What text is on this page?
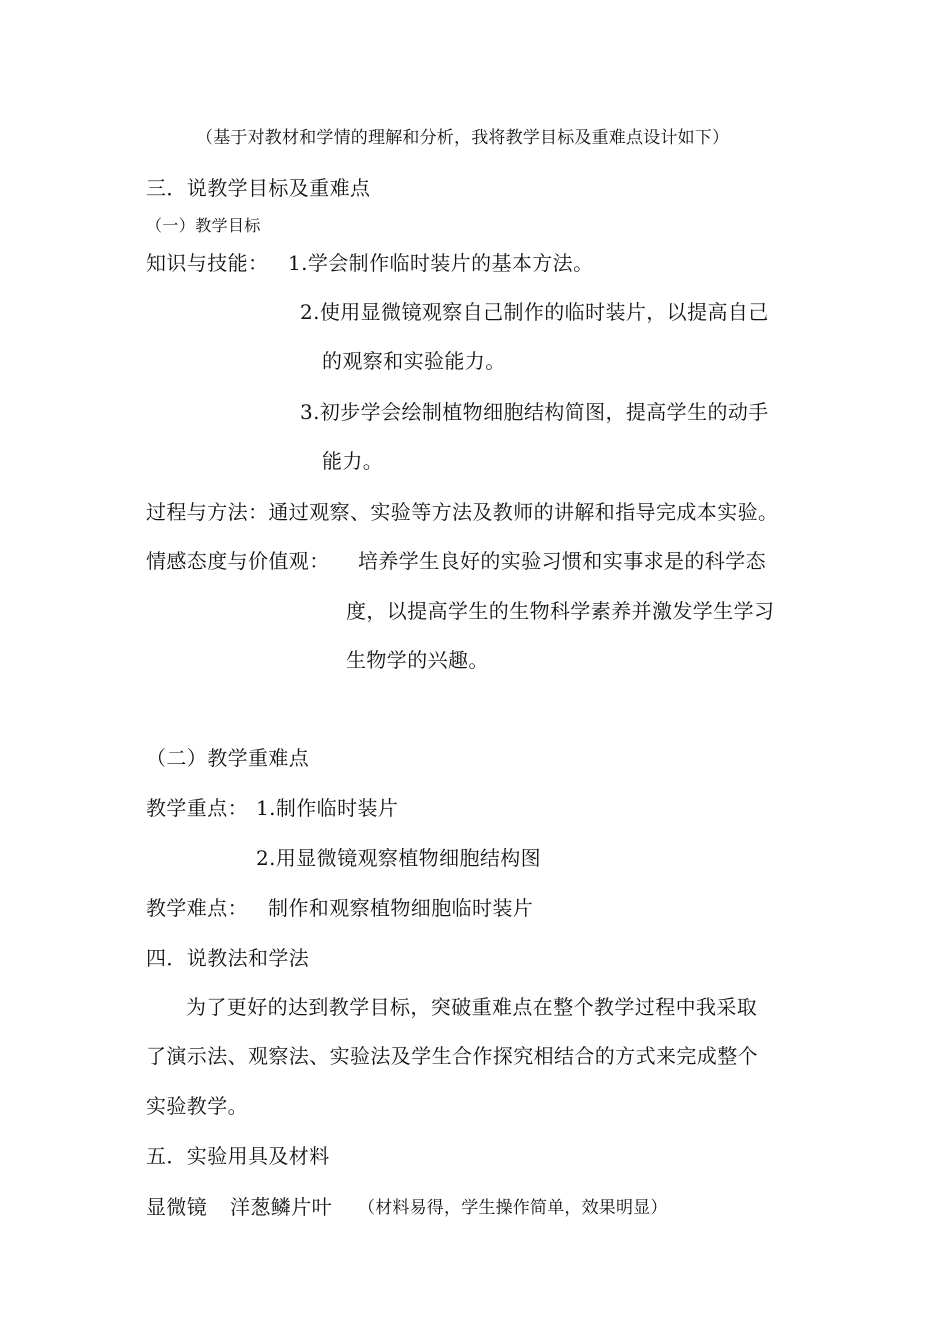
（基于对教材和学情的理解和分析，我将教学目标及重难点设计如下）
三．说教学目标及重难点
（一）教学目标
知识与技能： 1.学会制作临时装片的基本方法。
2.使用显微镜观察自己制作的临时装片，以提高自己
的观察和实验能力。
3.初步学会绘制植物细胞结构简图，提高学生的动手
能力。
过程与方法：通过观察、实验等方法及教师的讲解和指导完成本实验。
情感态度与价值观： 培养学生良好的实验习惯和实事求是的科学态
度，以提高学生的生物科学素养并激发学生学习
生物学的兴趣。
（二）教学重难点
教学重点： 1.制作临时装片
2.用显微镜观察植物细胞结构图
教学难点： 制作和观察植物细胞临时装片
四．说教法和学法
为了更好的达到教学目标，突破重难点在整个教学过程中我采取
了演示法、观察法、实验法及学生合作探究相结合的方式来完成整个
实验教学。
五．实验用具及材料
显微镜 洋葱鳞片叶 （材料易得，学生操作简单，效果明显）
